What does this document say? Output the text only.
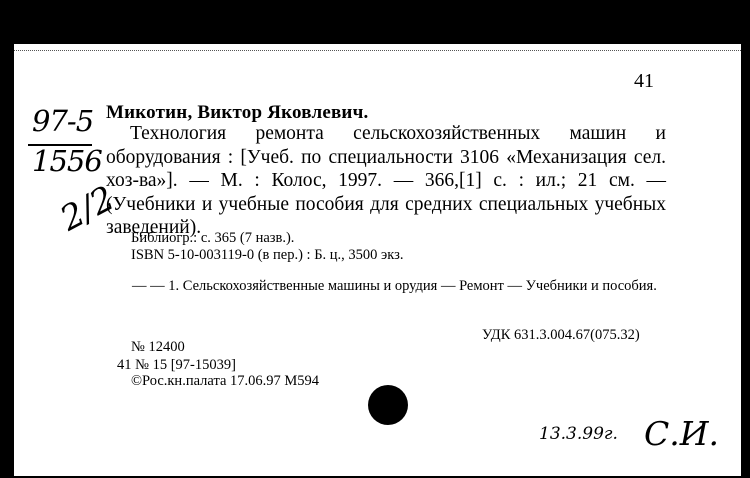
41
97-5
1556
2/2
Микотин, Виктор Яковлевич.
Технология ремонта сельскохозяйственных машин и оборудования : [Учеб. по специальности 3106 «Механизация сел. хоз-ва»]. — М. : Колос, 1997. — 366,[1] с. : ил.; 21 см. — (Учебники и учебные пособия для средних специальных учебных заведений).
Библиогр.: с. 365 (7 назв.).
ISBN 5-10-003119-0 (в пер.) : Б. ц., 3500 экз.
— — 1. Сельскохозяйственные машины и орудия — Ремонт — Учебники и пособия.
УДК 631.3.004.67(075.32)
№ 12400
41 № 15 [97-15039]
©Рос.кн.палата 17.06.97 М594
13.3.99г. С.И.
